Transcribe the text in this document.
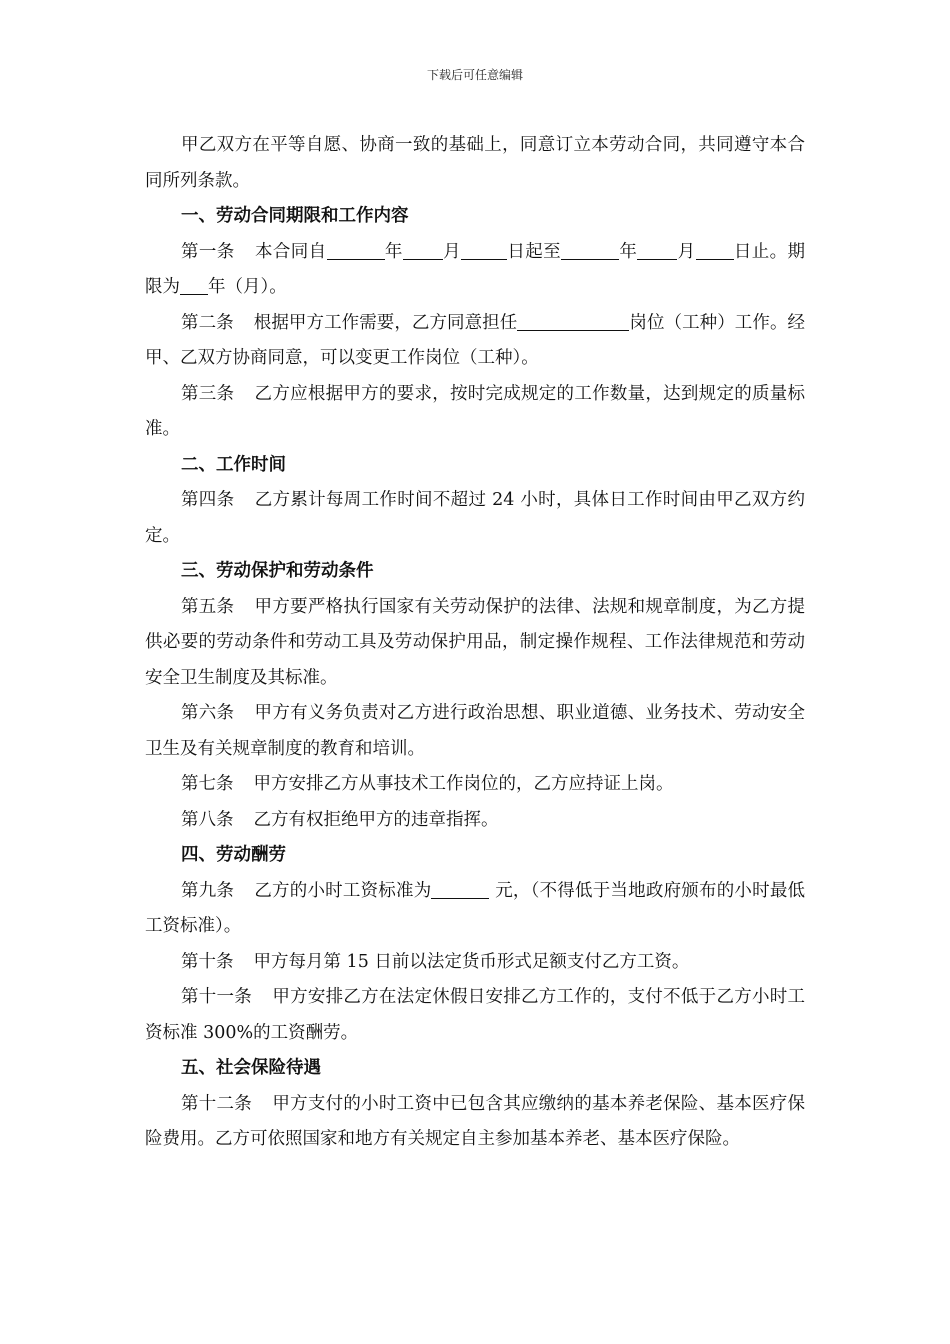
下载后可任意编辑

甲乙双方在平等自愿、协商一致的基础上，同意订立本劳动合同，共同遵守本合同所列条款。

一、劳动合同期限和工作内容

第一条 本合同自	年 月	日起至	年 月 日止。期限为 年（月）。

第二条 根据甲方工作需要，乙方同意担任	岗位（工种）工作。经甲、乙双方协商同意，可以变更工作岗位（工种）。

第三条 乙方应根据甲方的要求，按时完成规定的工作数量，达到规定的质量标准。

二、工作时间

第四条 乙方累计每周工作时间不超过 24 小时，具体日工作时间由甲乙双方约定。

三、劳动保护和劳动条件

第五条 甲方要严格执行国家有关劳动保护的法律、法规和规章制度，为乙方提供必要的劳动条件和劳动工具及劳动保护用品，制定操作规程、工作法律规范和劳动安全卫生制度及其标准。

第六条 甲方有义务负责对乙方进行政治思想、职业道德、业务技术、劳动安全卫生及有关规章制度的教育和培训。

第七条 甲方安排乙方从事技术工作岗位的，乙方应持证上岗。

第八条 乙方有权拒绝甲方的违章指挥。

四、劳动酬劳

第九条 乙方的小时工资标准为	元，（不得低于当地政府颁布的小时最低工资标准）。

第十条 甲方每月第 15 日前以法定货币形式足额支付乙方工资。

第十一条 甲方安排乙方在法定休假日安排乙方工作的，支付不低于乙方小时工资标准 300%的工资酬劳。

五、社会保险待遇

第十二条 甲方支付的小时工资中已包含其应缴纳的基本养老保险、基本医疗保险费用。乙方可依照国家和地方有关规定自主参加基本养老、基本医疗保险。
